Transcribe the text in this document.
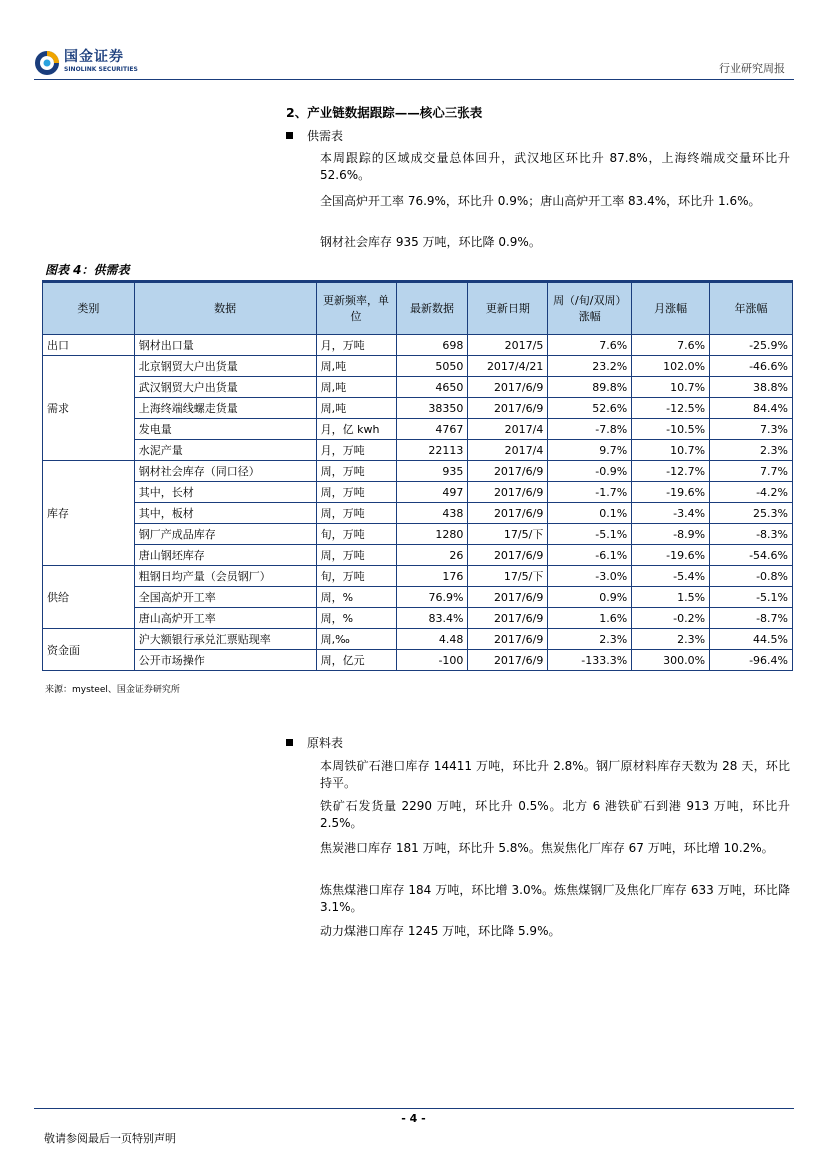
国金证券
SINOLINK SECURITIES	行业研究周报
2、产业链数据跟踪——核心三张表
供需表
本周跟踪的区域成交量总体回升，武汉地区环比升 87.8%，上海终端成交量环比升 52.6%。
全国高炉开工率 76.9%，环比升 0.9%；唐山高炉开工率 83.4%，环比升 1.6%。
钢材社会库存 935 万吨，环比降 0.9%。
图表 4：供需表
类别	数据	更新频率，单位	最新数据	更新日期	周（/旬/双周）涨幅	月涨幅	年涨幅
出口	钢材出口量	月，万吨	698	2017/5	7.6%	7.6%	-25.9%
需求	北京钢贸大户出货量	周,吨	5050	2017/4/21	23.2%	102.0%	-46.6%
	武汉钢贸大户出货量	周,吨	4650	2017/6/9	89.8%	10.7%	38.8%
	上海终端线螺走货量	周,吨	38350	2017/6/9	52.6%	-12.5%	84.4%
	发电量	月，亿 kwh	4767	2017/4	-7.8%	-10.5%	7.3%
	水泥产量	月，万吨	22113	2017/4	9.7%	10.7%	2.3%
库存	钢材社会库存（同口径）	周，万吨	935	2017/6/9	-0.9%	-12.7%	7.7%
	其中，长材	周，万吨	497	2017/6/9	-1.7%	-19.6%	-4.2%
	其中，板材	周，万吨	438	2017/6/9	0.1%	-3.4%	25.3%
	钢厂产成品库存	旬，万吨	1280	17/5/下	-5.1%	-8.9%	-8.3%
	唐山钢坯库存	周，万吨	26	2017/6/9	-6.1%	-19.6%	-54.6%
供给	粗钢日均产量（会员钢厂）	旬，万吨	176	17/5/下	-3.0%	-5.4%	-0.8%
	全国高炉开工率	周，%	76.9%	2017/6/9	0.9%	1.5%	-5.1%
	唐山高炉开工率	周，%	83.4%	2017/6/9	1.6%	-0.2%	-8.7%
资金面	沪大额银行承兑汇票贴现率	周,‰	4.48	2017/6/9	2.3%	2.3%	44.5%
	公开市场操作	周，亿元	-100	2017/6/9	-133.3%	300.0%	-96.4%
来源：mysteel、国金证券研究所
原料表
本周铁矿石港口库存 14411 万吨，环比升 2.8%。钢厂原材料库存天数为 28 天，环比持平。
铁矿石发货量 2290 万吨，环比升 0.5%。北方 6 港铁矿石到港 913 万吨，环比升 2.5%。
焦炭港口库存 181 万吨，环比升 5.8%。焦炭焦化厂库存 67 万吨，环比增 10.2%。
炼焦煤港口库存 184 万吨，环比增 3.0%。炼焦煤钢厂及焦化厂库存 633 万吨，环比降 3.1%。
动力煤港口库存 1245 万吨，环比降 5.9%。
- 4 -
敬请参阅最后一页特别声明
